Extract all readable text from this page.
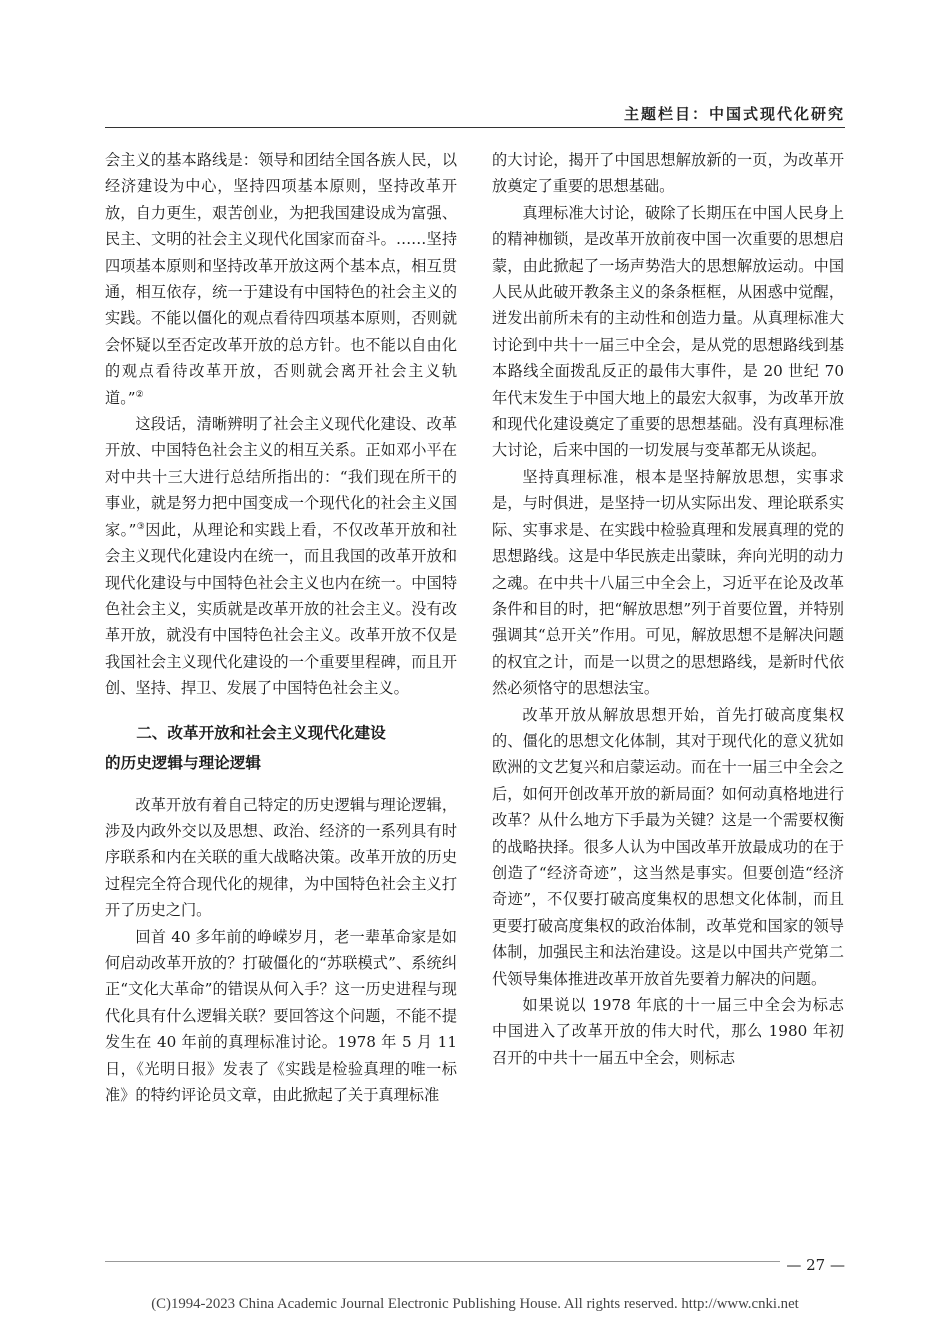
主题栏目：中国式现代化研究

会主义的基本路线是：领导和团结全国各族人民，以经济建设为中心，坚持四项基本原则，坚持改革开放，自力更生，艰苦创业，为把我国建设成为富强、民主、文明的社会主义现代化国家而奋斗。……坚持四项基本原则和坚持改革开放这两个基本点，相互贯通，相互依存，统一于建设有中国特色的社会主义的实践。不能以僵化的观点看待四项基本原则，否则就会怀疑以至否定改革开放的总方针。也不能以自由化的观点看待改革开放，否则就会离开社会主义轨道。”②

这段话，清晰辨明了社会主义现代化建设、改革开放、中国特色社会主义的相互关系。正如邓小平在对中共十三大进行总结所指出的：“我们现在所干的事业，就是努力把中国变成一个现代化的社会主义国家。”③因此，从理论和实践上看，不仅改革开放和社会主义现代化建设内在统一，而且我国的改革开放和现代化建设与中国特色社会主义也内在统一。中国特色社会主义，实质就是改革开放的社会主义。没有改革开放，就没有中国特色社会主义。改革开放不仅是我国社会主义现代化建设的一个重要里程碑，而且开创、坚持、捍卫、发展了中国特色社会主义。

二、改革开放和社会主义现代化建设
的历史逻辑与理论逻辑

改革开放有着自己特定的历史逻辑与理论逻辑，涉及内政外交以及思想、政治、经济的一系列具有时序联系和内在关联的重大战略决策。改革开放的历史过程完全符合现代化的规律，为中国特色社会主义打开了历史之门。

回首 40 多年前的峥嵘岁月，老一辈革命家是如何启动改革开放的？打破僵化的“苏联模式”、系统纠正“文化大革命”的错误从何入手？这一历史进程与现代化具有什么逻辑关联？要回答这个问题，不能不提发生在 40 年前的真理标准讨论。1978 年 5 月 11 日，《光明日报》发表了《实践是检验真理的唯一标准》的特约评论员文章，由此掀起了关于真理标准

的大讨论，揭开了中国思想解放新的一页，为改革开放奠定了重要的思想基础。

真理标准大讨论，破除了长期压在中国人民身上的精神枷锁，是改革开放前夜中国一次重要的思想启蒙，由此掀起了一场声势浩大的思想解放运动。中国人民从此破开教条主义的条条框框，从困惑中觉醒，迸发出前所未有的主动性和创造力量。从真理标准大讨论到中共十一届三中全会，是从党的思想路线到基本路线全面拨乱反正的最伟大事件，是 20 世纪 70 年代末发生于中国大地上的最宏大叙事，为改革开放和现代化建设奠定了重要的思想基础。没有真理标准大讨论，后来中国的一切发展与变革都无从谈起。

坚持真理标准，根本是坚持解放思想，实事求是，与时俱进，是坚持一切从实际出发、理论联系实际、实事求是、在实践中检验真理和发展真理的党的思想路线。这是中华民族走出蒙昧，奔向光明的动力之魂。在中共十八届三中全会上，习近平在论及改革条件和目的时，把“解放思想”列于首要位置，并特别强调其“总开关”作用。可见，解放思想不是解决问题的权宜之计，而是一以贯之的思想路线，是新时代依然必须恪守的思想法宝。

改革开放从解放思想开始，首先打破高度集权的、僵化的思想文化体制，其对于现代化的意义犹如欧洲的文艺复兴和启蒙运动。而在十一届三中全会之后，如何开创改革开放的新局面？如何动真格地进行改革？从什么地方下手最为关键？这是一个需要权衡的战略抉择。很多人认为中国改革开放最成功的在于创造了“经济奇迹”，这当然是事实。但要创造“经济奇迹”，不仅要打破高度集权的思想文化体制，而且更要打破高度集权的政治体制，改革党和国家的领导体制，加强民主和法治建设。这是以中国共产党第二代领导集体推进改革开放首先要着力解决的问题。

如果说以 1978 年底的十一届三中全会为标志中国进入了改革开放的伟大时代，那么 1980 年初召开的中共十一届五中全会，则标志

— 27 —
(C)1994-2023 China Academic Journal Electronic Publishing House. All rights reserved. http://www.cnki.net
